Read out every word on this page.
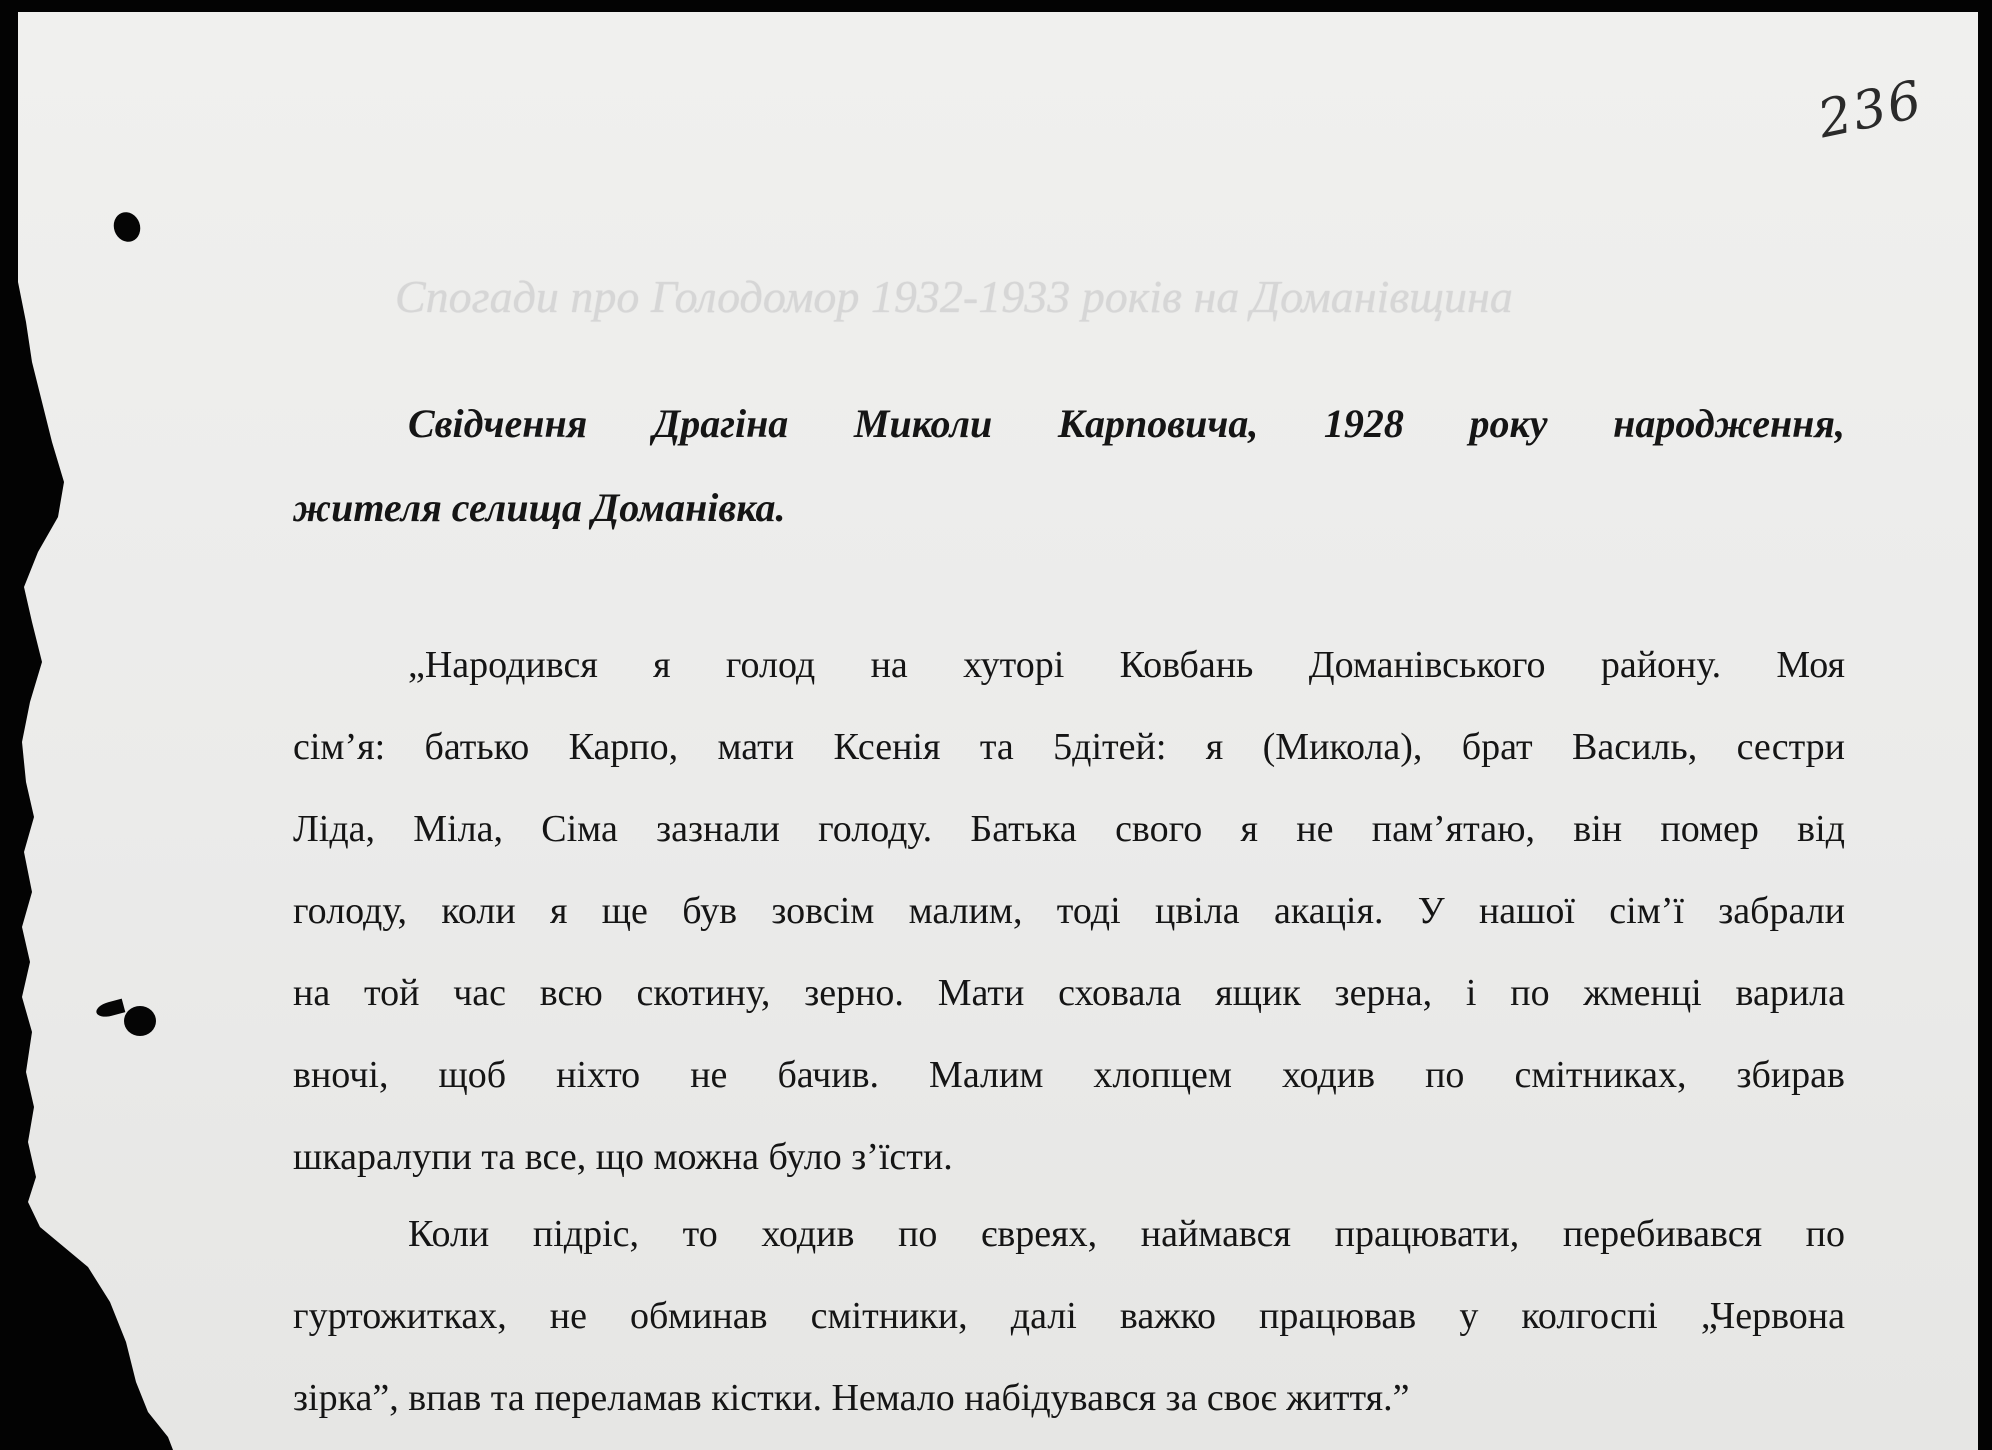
236
Спогади про Голодомор 1932-1933 років на Доманівщина
Свідчення Драгіна Миколи Карповича, 1928 року народження,
жителя селища Доманівка.
„Народився я голод на хуторі Ковбань Доманівського району. Моя
сім’я: батько Карпо, мати Ксенія та 5дітей: я (Микола), брат Василь, сестри
Ліда, Міла, Сіма зазнали голоду. Батька свого я не пам’ятаю, він помер від
голоду, коли я ще був зовсім малим, тоді цвіла акація. У нашої сім’ї забрали
на той час всю скотину, зерно. Мати сховала ящик зерна, і по жменці варила
вночі, щоб ніхто не бачив. Малим хлопцем ходив по смітниках, збирав
шкаралупи та все, що можна було з’їсти.
Коли підріс, то ходив по євреях, наймався працювати, перебивався по
гуртожитках, не обминав смітники, далі важко працював у колгоспі „Червона
зірка”, впав та переламав кістки. Немало набідувався за своє життя.”
